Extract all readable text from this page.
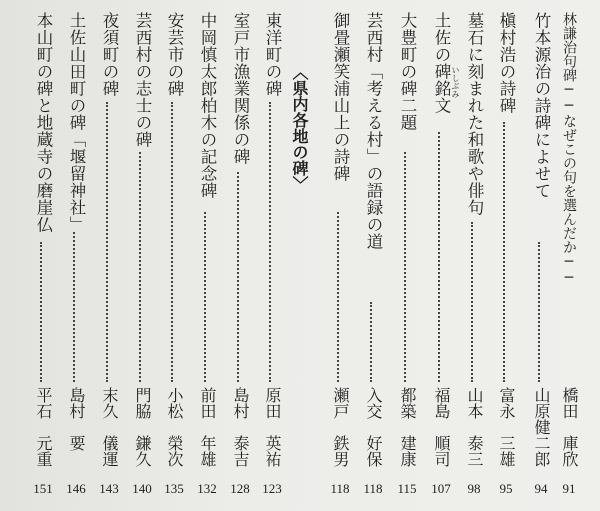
林謙治句碑──なぜこの句を選んだか──
橋田　庫欣
91
竹本源治の詩碑によせて
山原健二郎
94
槇村浩の詩碑
富永　三雄
95
墓石に刻まれた和歌や俳句
山本　泰三
98
いしぶみ
土佐の碑銘文
福島　順司
107
大豊町の碑二題
都築　建康
115
芸西村「考える村」の語録の道
入交　好保
118
御畳瀬笑浦山上の詩碑
瀬戸　鉄男
118
〈県内各地の碑〉
東洋町の碑
原田　英祐
123
室戸市漁業関係の碑
島村　泰吉
128
中岡慎太郎柏木の記念碑
前田　年雄
132
安芸市の碑
小松　榮次
135
芸西村の志士の碑
門脇　鎌久
140
夜須町の碑
末久　儀運
143
土佐山田町の碑「堰留神社」
島村　要
146
本山町の碑と地蔵寺の磨崖仏
平石　元重
151
